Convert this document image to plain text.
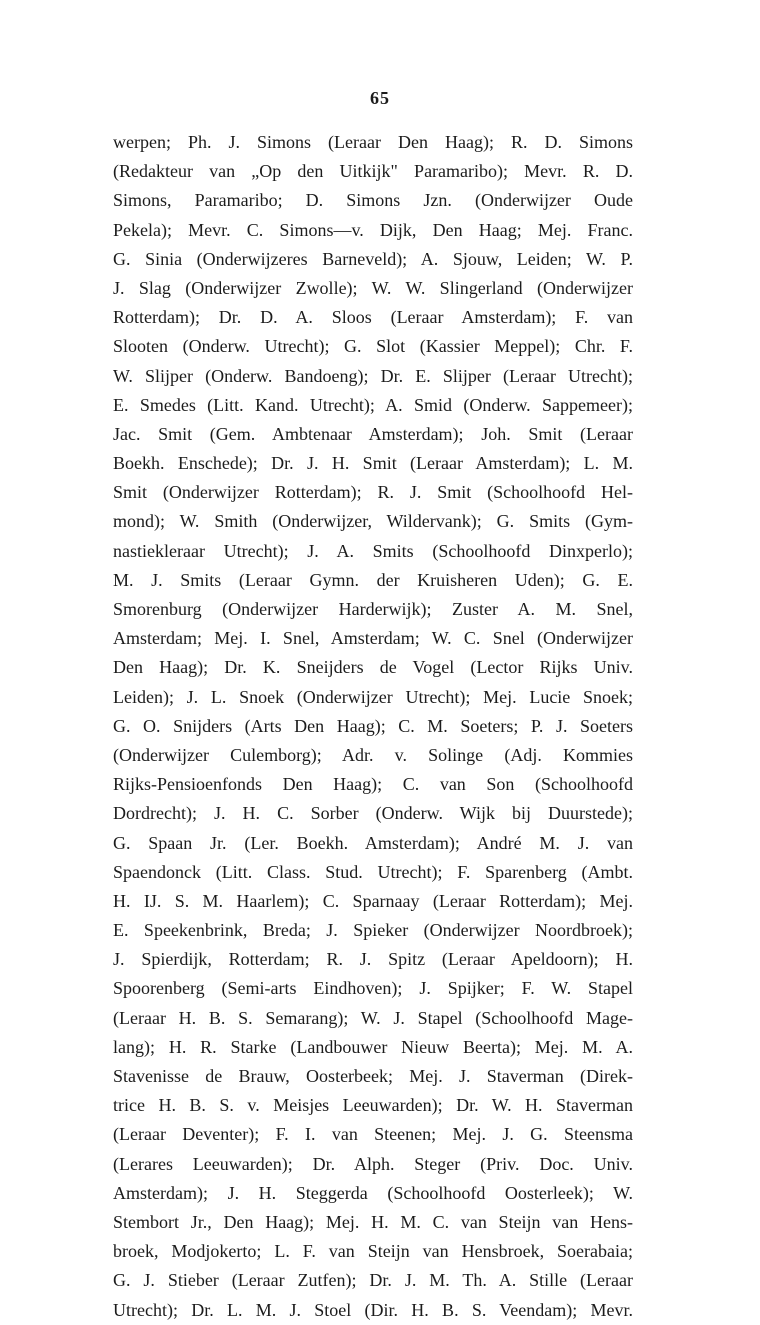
65
werpen; Ph. J. Simons (Leraar Den Haag); R. D. Simons
(Redakteur van „Op den Uitkijk" Paramaribo); Mevr. R. D.
Simons, Paramaribo; D. Simons Jzn. (Onderwijzer Oude
Pekela); Mevr. C. Simons—v. Dijk, Den Haag; Mej. Franc.
G. Sinia (Onderwijzeres Barneveld); A. Sjouw, Leiden; W. P.
J. Slag (Onderwijzer Zwolle); W. W. Slingerland (Onderwijzer
Rotterdam); Dr. D. A. Sloos (Leraar Amsterdam); F. van
Slooten (Onderw. Utrecht); G. Slot (Kassier Meppel); Chr. F.
W. Slijper (Onderw. Bandoeng); Dr. E. Slijper (Leraar Utrecht);
E. Smedes (Litt. Kand. Utrecht); A. Smid (Onderw. Sappemeer);
Jac. Smit (Gem. Ambtenaar Amsterdam); Joh. Smit (Leraar
Boekh. Enschede); Dr. J. H. Smit (Leraar Amsterdam); L. M.
Smit (Onderwijzer Rotterdam); R. J. Smit (Schoolhoofd Hel-
mond); W. Smith (Onderwijzer, Wildervank); G. Smits (Gym-
nastiekleraar Utrecht); J. A. Smits (Schoolhoofd Dinxperlo);
M. J. Smits (Leraar Gymn. der Kruisheren Uden); G. E.
Smorenburg (Onderwijzer Harderwijk); Zuster A. M. Snel,
Amsterdam; Mej. I. Snel, Amsterdam; W. C. Snel (Onderwijzer
Den Haag); Dr. K. Sneijders de Vogel (Lector Rijks Univ.
Leiden); J. L. Snoek (Onderwijzer Utrecht); Mej. Lucie Snoek;
G. O. Snijders (Arts Den Haag); C. M. Soeters; P. J. Soeters
(Onderwijzer Culemborg); Adr. v. Solinge (Adj. Kommies
Rijks-Pensioenfonds Den Haag); C. van Son (Schoolhoofd
Dordrecht); J. H. C. Sorber (Onderw. Wijk bij Duurstede);
G. Spaan Jr. (Ler. Boekh. Amsterdam); André M. J. van
Spaendonck (Litt. Class. Stud. Utrecht); F. Sparenberg (Ambt.
H. IJ. S. M. Haarlem); C. Sparnaay (Leraar Rotterdam); Mej.
E. Speekenbrink, Breda; J. Spieker (Onderwijzer Noordbroek);
J. Spierdijk, Rotterdam; R. J. Spitz (Leraar Apeldoorn); H.
Spoorenberg (Semi-arts Eindhoven); J. Spijker; F. W. Stapel
(Leraar H. B. S. Semarang); W. J. Stapel (Schoolhoofd Mage-
lang); H. R. Starke (Landbouwer Nieuw Beerta); Mej. M. A.
Stavenisse de Brauw, Oosterbeek; Mej. J. Staverman (Direk-
trice H. B. S. v. Meisjes Leeuwarden); Dr. W. H. Staverman
(Leraar Deventer); F. I. van Steenen; Mej. J. G. Steensma
(Lerares Leeuwarden); Dr. Alph. Steger (Priv. Doc. Univ.
Amsterdam); J. H. Steggerda (Schoolhoofd Oosterleek); W.
Stembort Jr., Den Haag); Mej. H. M. C. van Steijn van Hens-
broek, Modjokerto; L. F. van Steijn van Hensbroek, Soerabaia;
G. J. Stieber (Leraar Zutfen); Dr. J. M. Th. A. Stille (Leraar
Utrecht); Dr. L. M. J. Stoel (Dir. H. B. S. Veendam); Mevr.
